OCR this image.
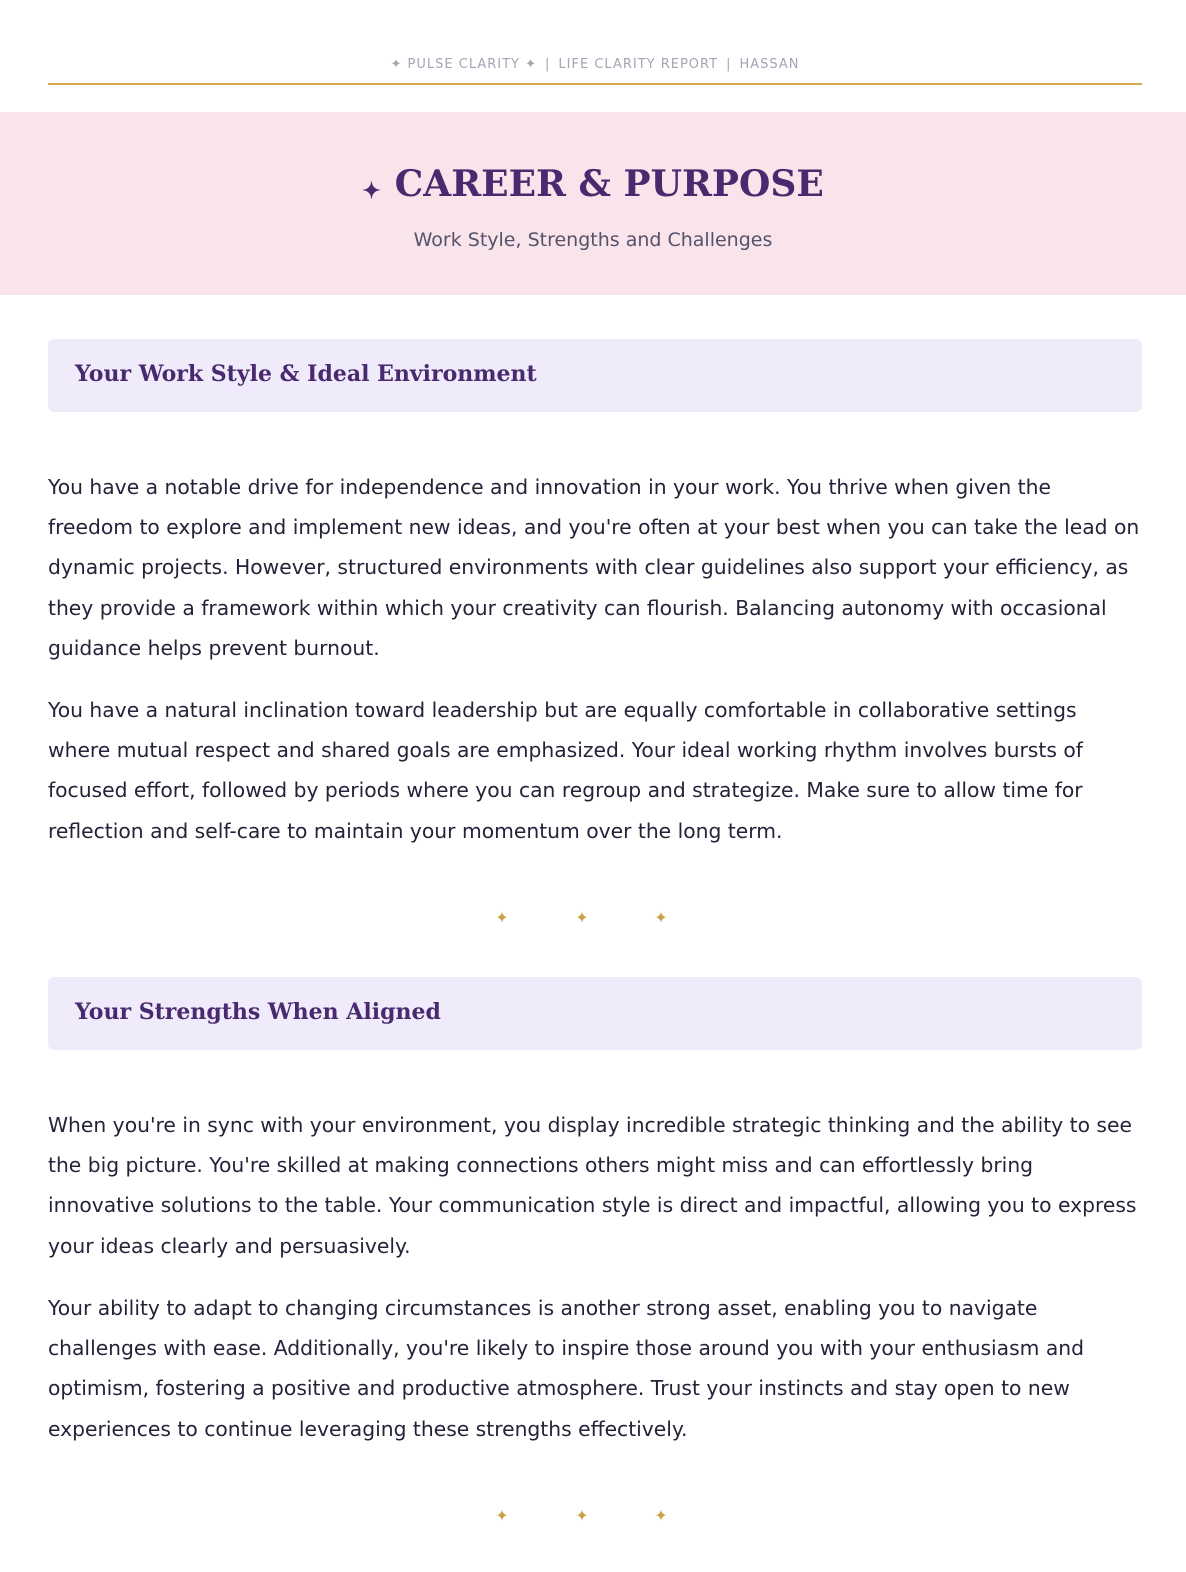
✦ PULSE CLARITY ✦ | LIFE CLARITY REPORT | HASSAN
✦ CAREER & PURPOSE
Work Style, Strengths and Challenges
Your Work Style & Ideal Environment

You have a notable drive for independence and innovation in your work. You thrive when given the freedom to explore and implement new ideas, and you're often at your best when you can take the lead on dynamic projects. However, structured environments with clear guidelines also support your efficiency, as they provide a framework within which your creativity can flourish. Balancing autonomy with occasional guidance helps prevent burnout.

You have a natural inclination toward leadership but are equally comfortable in collaborative settings where mutual respect and shared goals are emphasized. Your ideal working rhythm involves bursts of focused effort, followed by periods where you can regroup and strategize. Make sure to allow time for reflection and self-care to maintain your momentum over the long term.

✦	✦	✦
Your Strengths When Aligned

When you're in sync with your environment, you display incredible strategic thinking and the ability to see the big picture. You're skilled at making connections others might miss and can effortlessly bring innovative solutions to the table. Your communication style is direct and impactful, allowing you to express your ideas clearly and persuasively.

Your ability to adapt to changing circumstances is another strong asset, enabling you to navigate challenges with ease. Additionally, you're likely to inspire those around you with your enthusiasm and optimism, fostering a positive and productive atmosphere. Trust your instincts and stay open to new experiences to continue leveraging these strengths effectively.

✦	✦	✦
